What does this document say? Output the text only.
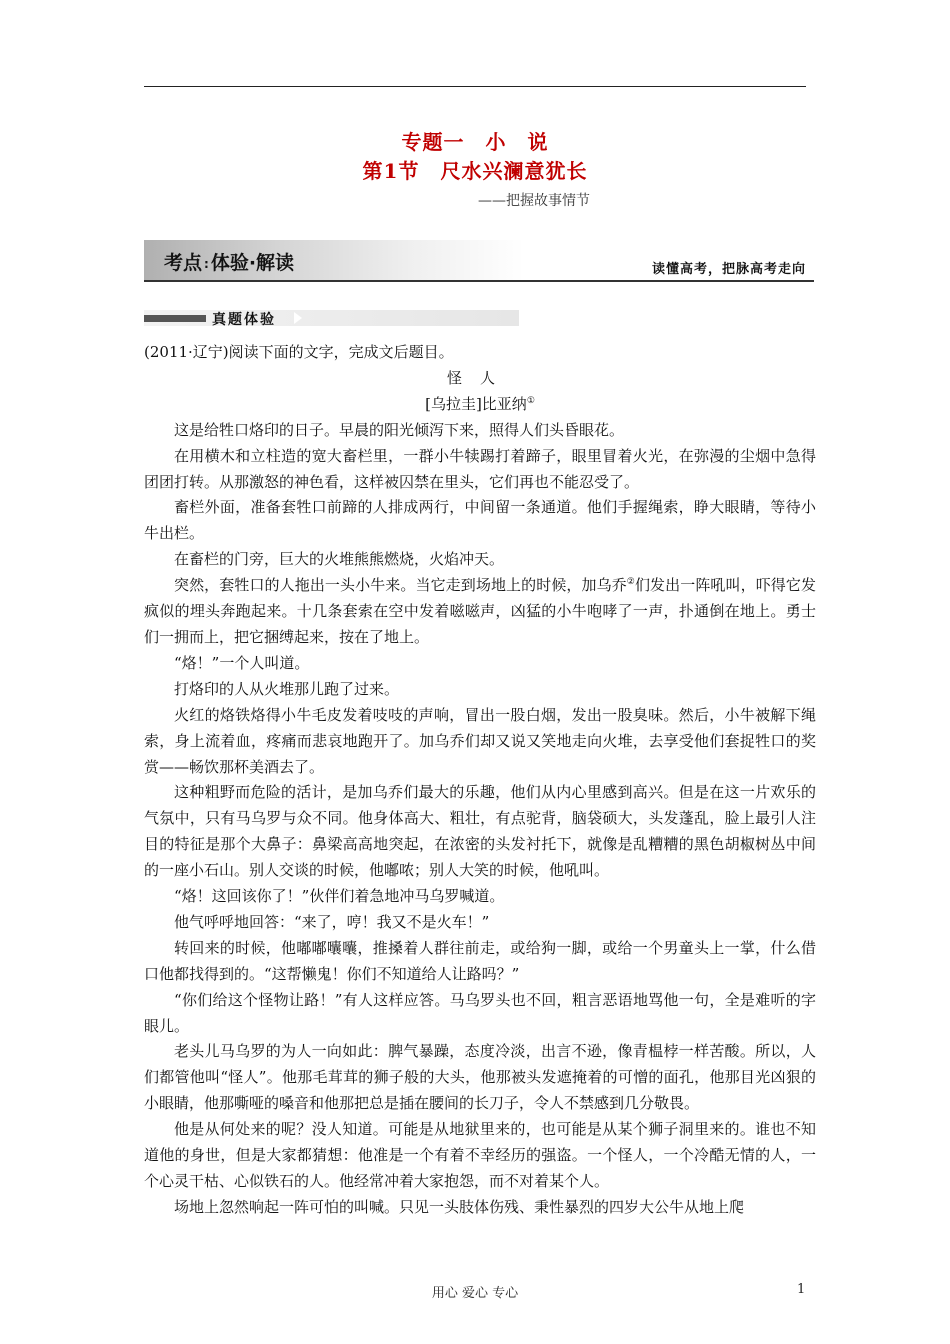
专题一　小　说
第1节　尺水兴澜意犹长
——把握故事情节
考点 : 体验·解读	读懂高考，把脉高考走向
真题体验

(2011·辽宁)阅读下面的文字，完成文后题目。

怪人

[乌拉圭]比亚纳①

这是给牲口烙印的日子。早晨的阳光倾泻下来，照得人们头昏眼花。

在用横木和立柱造的宽大畜栏里，一群小牛犊踢打着蹄子，眼里冒着火光，在弥漫的尘烟中急得团团打转。从那激怒的神色看，这样被囚禁在里头，它们再也不能忍受了。

畜栏外面，准备套牲口前蹄的人排成两行，中间留一条通道。他们手握绳索，睁大眼睛，等待小牛出栏。

在畜栏的门旁，巨大的火堆熊熊燃烧，火焰冲天。

突然，套牲口的人拖出一头小牛来。当它走到场地上的时候，加乌乔②们发出一阵吼叫，吓得它发疯似的埋头奔跑起来。十几条套索在空中发着嗞嗞声，凶猛的小牛咆哮了一声，扑通倒在地上。勇士们一拥而上，把它捆缚起来，按在了地上。

“烙！”一个人叫道。

打烙印的人从火堆那儿跑了过来。

火红的烙铁烙得小牛毛皮发着吱吱的声响，冒出一股白烟，发出一股臭味。然后，小牛被解下绳索，身上流着血，疼痛而悲哀地跑开了。加乌乔们却又说又笑地走向火堆，去享受他们套捉牲口的奖赏——畅饮那杯美酒去了。

这种粗野而危险的活计，是加乌乔们最大的乐趣，他们从内心里感到高兴。但是在这一片欢乐的气氛中，只有马乌罗与众不同。他身体高大、粗壮，有点驼背，脑袋硕大，头发蓬乱，脸上最引人注目的特征是那个大鼻子：鼻梁高高地突起，在浓密的头发衬托下，就像是乱糟糟的黑色胡椒树丛中间的一座小石山。别人交谈的时候，他嘟哝；别人大笑的时候，他吼叫。

“烙！这回该你了！”伙伴们着急地冲马乌罗喊道。

他气呼呼地回答：“来了，哼！我又不是火车！”

转回来的时候，他嘟嘟囔囔，推搡着人群往前走，或给狗一脚，或给一个男童头上一掌，什么借口他都找得到的。“这帮懒鬼！你们不知道给人让路吗？”

“你们给这个怪物让路！”有人这样应答。马乌罗头也不回，粗言恶语地骂他一句，全是难听的字眼儿。

老头儿马乌罗的为人一向如此：脾气暴躁，态度冷淡，出言不逊，像青榅桲一样苦酸。所以，人们都管他叫“怪人”。他那毛茸茸的狮子般的大头，他那被头发遮掩着的可憎的面孔，他那目光凶狠的小眼睛，他那嘶哑的嗓音和他那把总是插在腰间的长刀子，令人不禁感到几分敬畏。

他是从何处来的呢？没人知道。可能是从地狱里来的，也可能是从某个狮子洞里来的。谁也不知道他的身世，但是大家都猜想：他准是一个有着不幸经历的强盗。一个怪人，一个冷酷无情的人，一个心灵干枯、心似铁石的人。他经常冲着大家抱怨，而不对着某个人。

场地上忽然响起一阵可怕的叫喊。只见一头肢体伤残、秉性暴烈的四岁大公牛从地上爬

用心 爱心 专心	1
